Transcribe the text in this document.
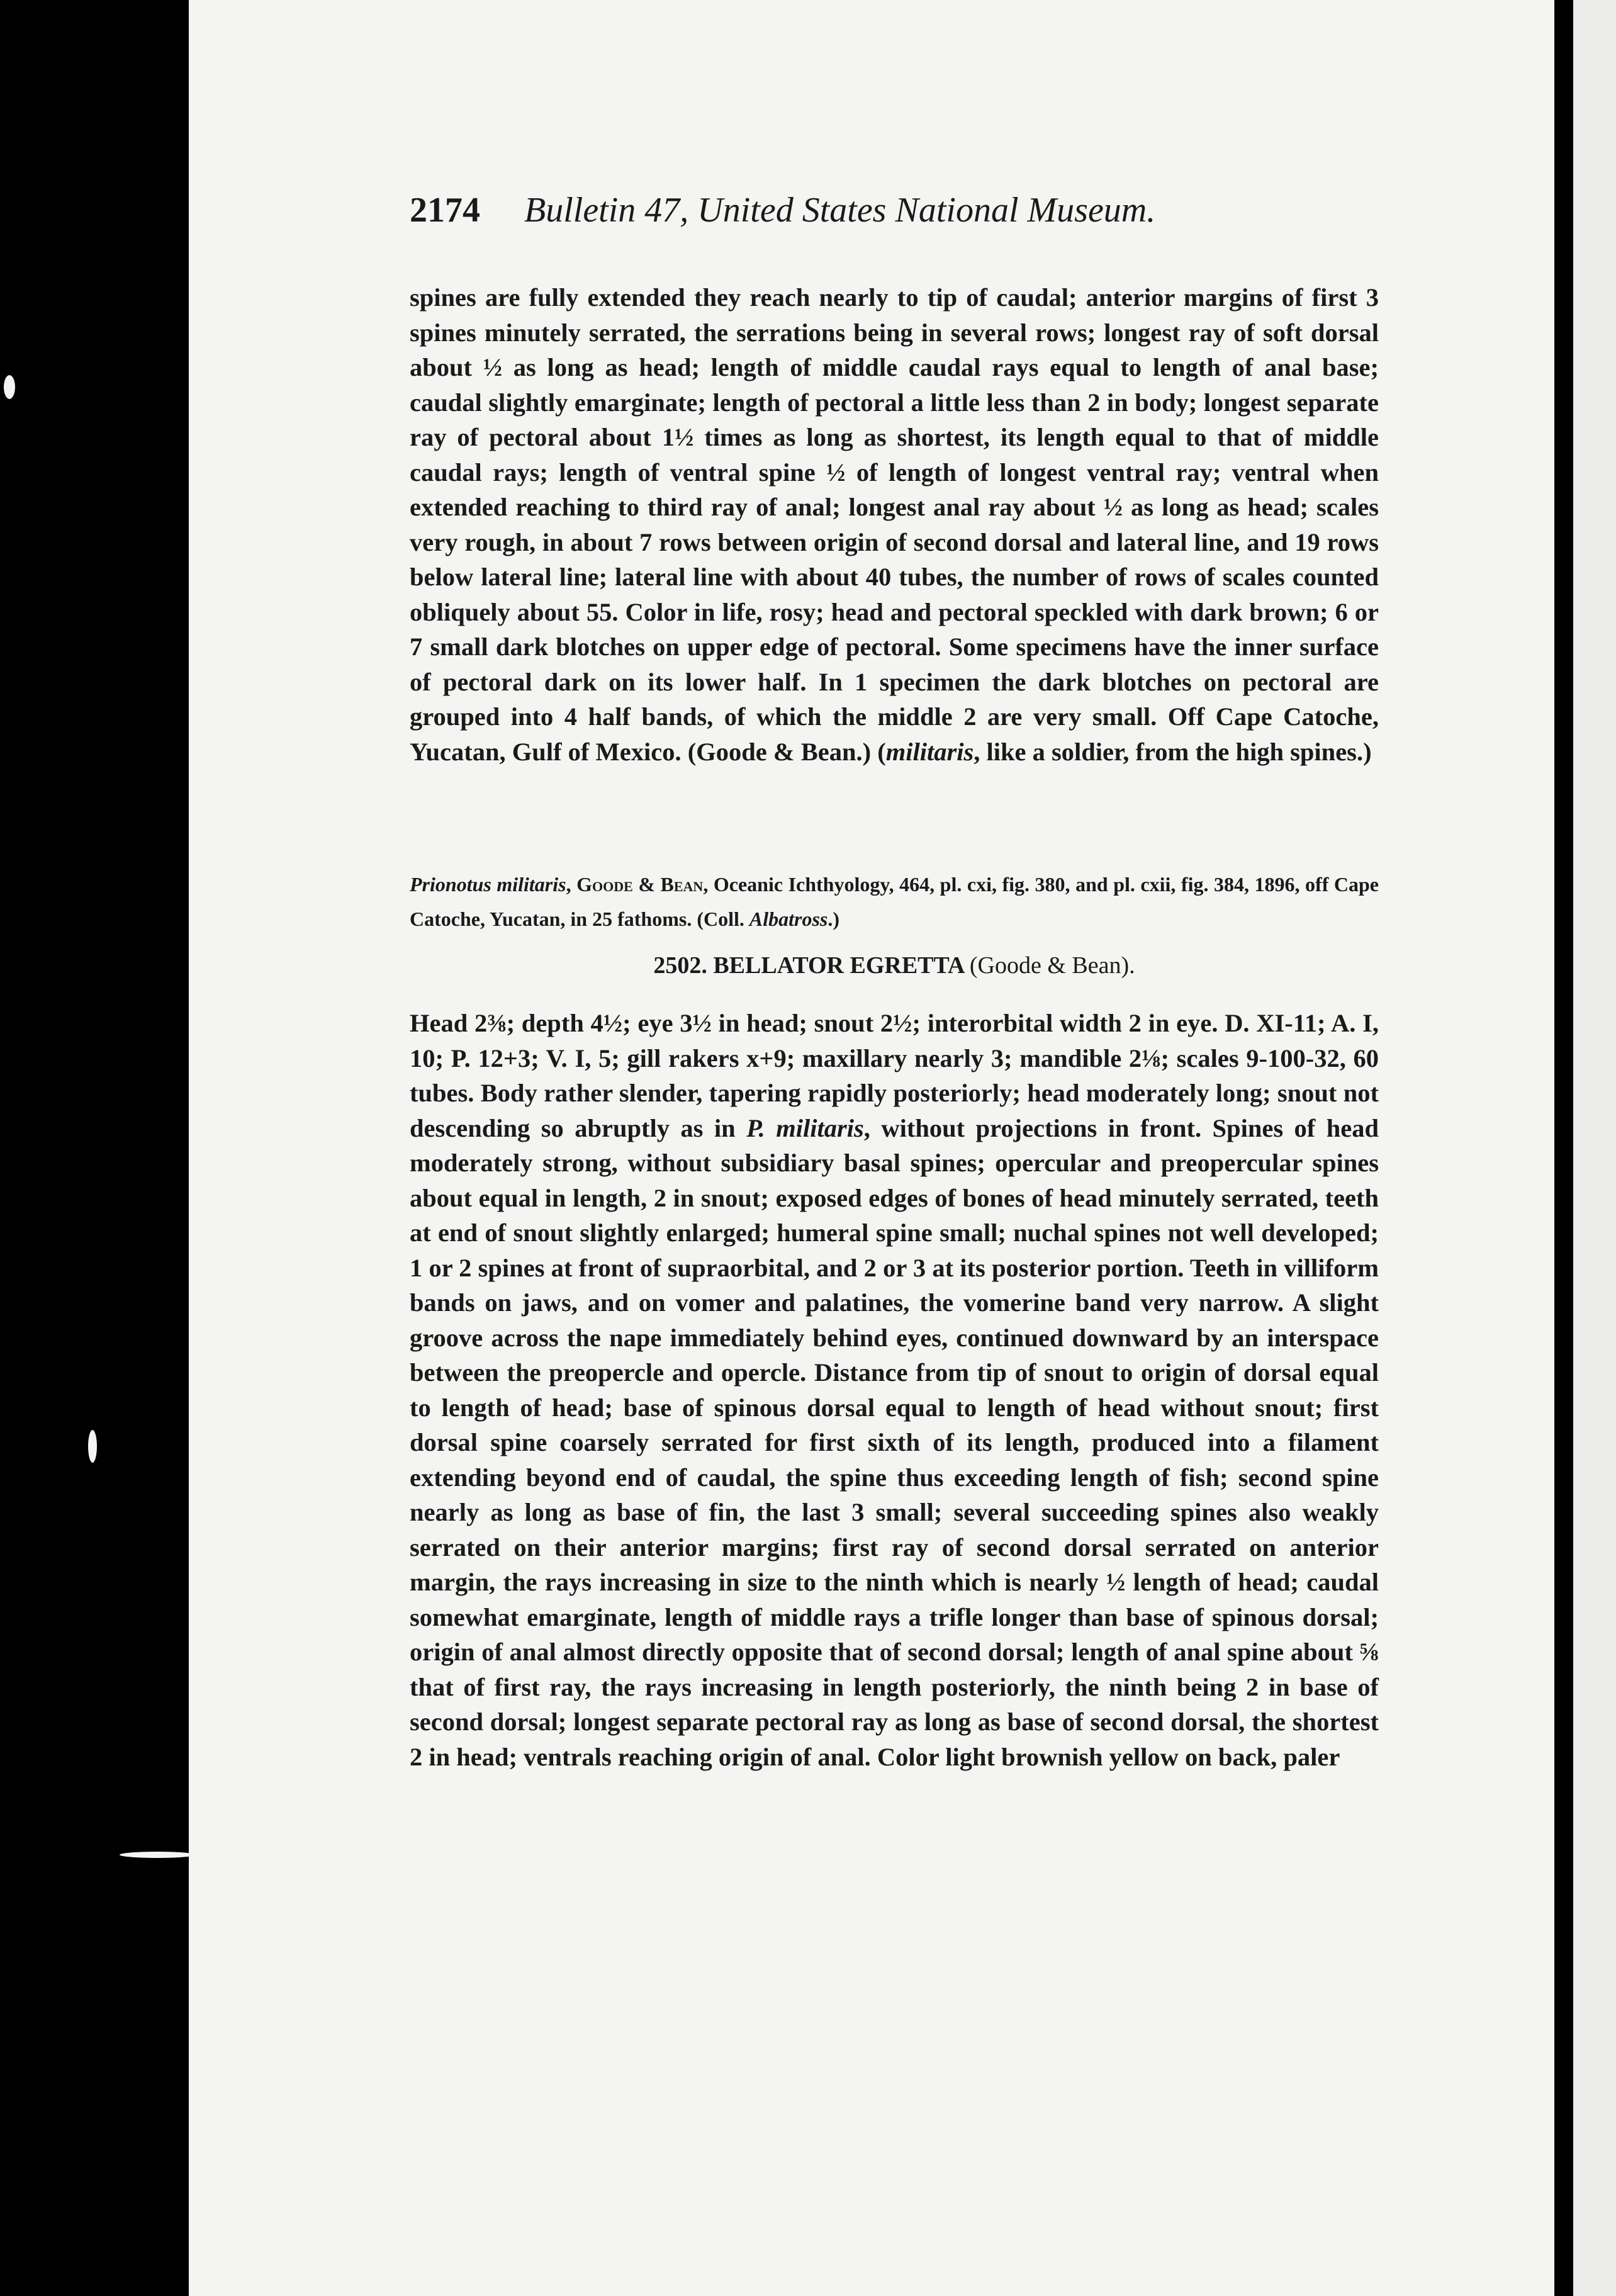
2174 Bulletin 47, United States National Museum.
spines are fully extended they reach nearly to tip of caudal; anterior margins of first 3 spines minutely serrated, the serrations being in several rows; longest ray of soft dorsal about ½ as long as head; length of middle caudal rays equal to length of anal base; caudal slightly emarginate; length of pectoral a little less than 2 in body; longest separate ray of pectoral about 1½ times as long as shortest, its length equal to that of middle caudal rays; length of ventral spine ½ of length of longest ventral ray; ventral when extended reaching to third ray of anal; longest anal ray about ½ as long as head; scales very rough, in about 7 rows between origin of second dorsal and lateral line, and 19 rows below lateral line; lateral line with about 40 tubes, the number of rows of scales counted obliquely about 55. Color in life, rosy; head and pectoral speckled with dark brown; 6 or 7 small dark blotches on upper edge of pectoral. Some specimens have the inner surface of pectoral dark on its lower half. In 1 specimen the dark blotches on pectoral are grouped into 4 half bands, of which the middle 2 are very small. Off Cape Catoche, Yucatan, Gulf of Mexico. (Goode & Bean.) (militaris, like a soldier, from the high spines.)
Prionotus militaris, Goode & Bean, Oceanic Ichthyology, 464, pl. cxi, fig. 380, and pl. cxii, fig. 384, 1896, off Cape Catoche, Yucatan, in 25 fathoms. (Coll. Albatross.)
2502. BELLATOR EGRETTA (Goode & Bean).
Head 2⅜; depth 4½; eye 3½ in head; snout 2½; interorbital width 2 in eye. D. XI-11; A. I, 10; P. 12+3; V. I, 5; gill rakers x+9; maxillary nearly 3; mandible 2⅛; scales 9-100-32, 60 tubes. Body rather slender, tapering rapidly posteriorly; head moderately long; snout not descending so abruptly as in P. militaris, without projections in front. Spines of head moderately strong, without subsidiary basal spines; opercular and preopercular spines about equal in length, 2 in snout; exposed edges of bones of head minutely serrated, teeth at end of snout slightly enlarged; humeral spine small; nuchal spines not well developed; 1 or 2 spines at front of supraorbital, and 2 or 3 at its posterior portion. Teeth in villiform bands on jaws, and on vomer and palatines, the vomerine band very narrow. A slight groove across the nape immediately behind eyes, continued downward by an interspace between the preopercle and opercle. Distance from tip of snout to origin of dorsal equal to length of head; base of spinous dorsal equal to length of head without snout; first dorsal spine coarsely serrated for first sixth of its length, produced into a filament extending beyond end of caudal, the spine thus exceeding length of fish; second spine nearly as long as base of fin, the last 3 small; several succeeding spines also weakly serrated on their anterior margins; first ray of second dorsal serrated on anterior margin, the rays increasing in size to the ninth which is nearly ½ length of head; caudal somewhat emarginate, length of middle rays a trifle longer than base of spinous dorsal; origin of anal almost directly opposite that of second dorsal; length of anal spine about ⅝ that of first ray, the rays increasing in length posteriorly, the ninth being 2 in base of second dorsal; longest separate pectoral ray as long as base of second dorsal, the shortest 2 in head; ventrals reaching origin of anal. Color light brownish yellow on back, paler
